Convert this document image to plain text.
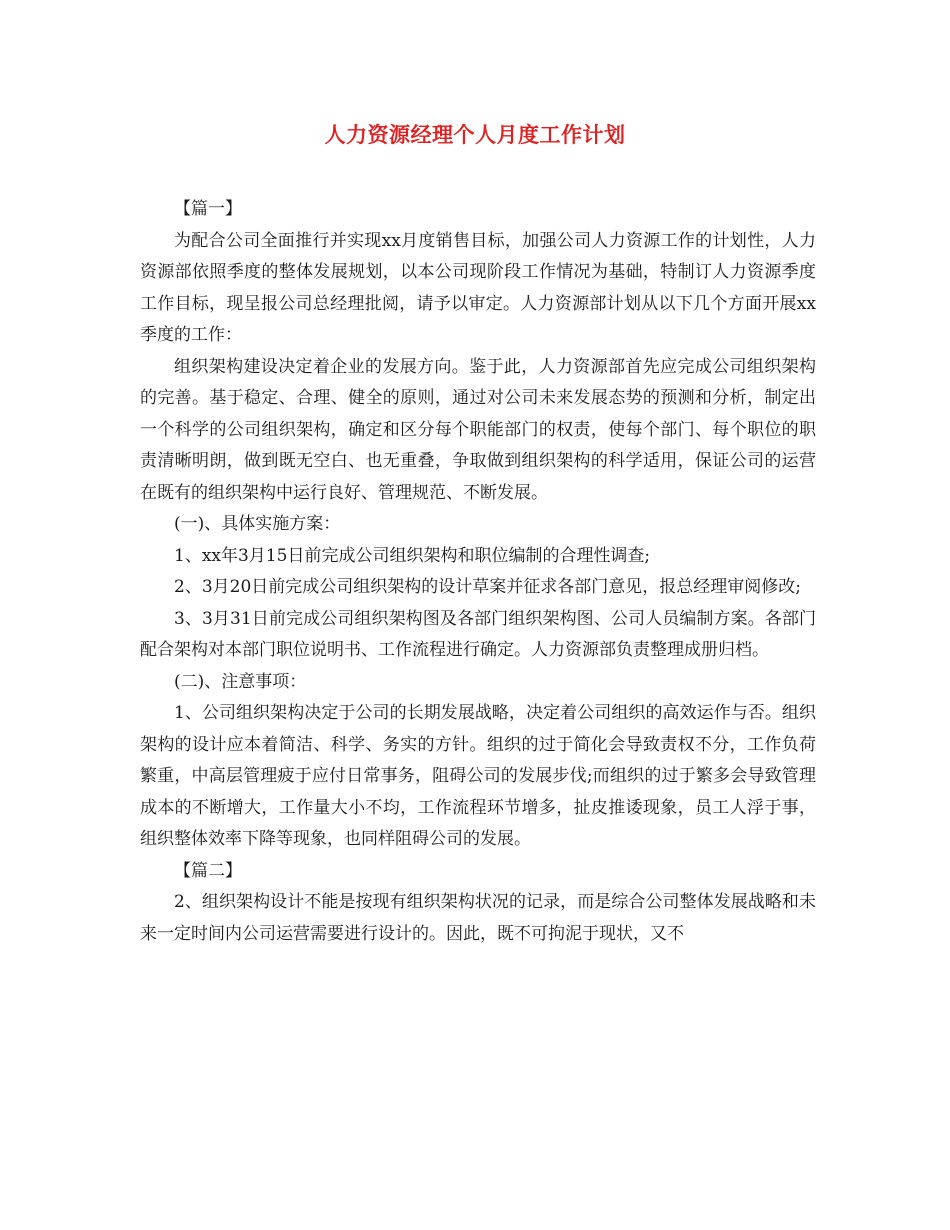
人力资源经理个人月度工作计划

【篇一】

为配合公司全面推行并实现xx月度销售目标，加强公司人力资源工作的计划性，人力资源部依照季度的整体发展规划，以本公司现阶段工作情况为基础，特制订人力资源季度工作目标，现呈报公司总经理批阅，请予以审定。人力资源部计划从以下几个方面开展xx季度的工作：

组织架构建设决定着企业的发展方向。鉴于此，人力资源部首先应完成公司组织架构的完善。基于稳定、合理、健全的原则，通过对公司未来发展态势的预测和分析，制定出一个科学的公司组织架构，确定和区分每个职能部门的权责，使每个部门、每个职位的职责清晰明朗，做到既无空白、也无重叠，争取做到组织架构的科学适用，保证公司的运营在既有的组织架构中运行良好、管理规范、不断发展。

(一)、具体实施方案：

1、xx年3月15日前完成公司组织架构和职位编制的合理性调查;

2、3月20日前完成公司组织架构的设计草案并征求各部门意见，报总经理审阅修改;

3、3月31日前完成公司组织架构图及各部门组织架构图、公司人员编制方案。各部门配合架构对本部门职位说明书、工作流程进行确定。人力资源部负责整理成册归档。

(二)、注意事项：

1、公司组织架构决定于公司的长期发展战略，决定着公司组织的高效运作与否。组织架构的设计应本着简洁、科学、务实的方针。组织的过于简化会导致责权不分，工作负荷繁重，中高层管理疲于应付日常事务，阻碍公司的发展步伐;而组织的过于繁多会导致管理成本的不断增大，工作量大小不均，工作流程环节增多，扯皮推诿现象，员工人浮于事，组织整体效率下降等现象，也同样阻碍公司的发展。

【篇二】

2、组织架构设计不能是按现有组织架构状况的记录，而是综合公司整体发展战略和未来一定时间内公司运营需要进行设计的。因此，既不可拘泥于现状，又不
